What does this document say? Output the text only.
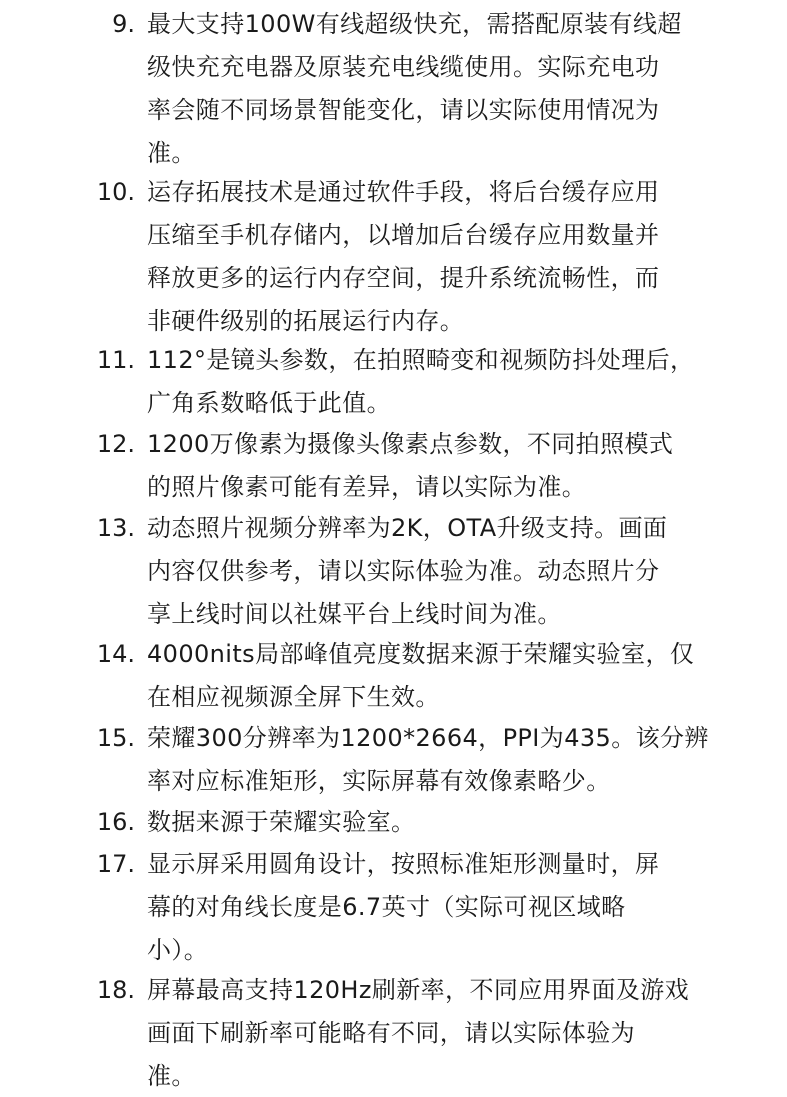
9. 最大支持100W有线超级快充，需搭配原装有线超
级快充充电器及原装充电线缆使用。实际充电功
率会随不同场景智能变化，请以实际使用情况为
准。
10. 运存拓展技术是通过软件手段，将后台缓存应用
压缩至手机存储内，以增加后台缓存应用数量并
释放更多的运行内存空间，提升系统流畅性，而
非硬件级别的拓展运行内存。
11. 112°是镜头参数，在拍照畸变和视频防抖处理后，
广角系数略低于此值。
12. 1200万像素为摄像头像素点参数，不同拍照模式
的照片像素可能有差异，请以实际为准。
13. 动态照片视频分辨率为2K，OTA升级支持。画面
内容仅供参考，请以实际体验为准。动态照片分
享上线时间以社媒平台上线时间为准。
14. 4000nits局部峰值亮度数据来源于荣耀实验室，仅
在相应视频源全屏下生效。
15. 荣耀300分辨率为1200*2664，PPI为435。该分辨
率对应标准矩形，实际屏幕有效像素略少。
16. 数据来源于荣耀实验室。
17. 显示屏采用圆角设计，按照标准矩形测量时，屏
幕的对角线长度是6.7英寸（实际可视区域略
小）。
18. 屏幕最高支持120Hz刷新率，不同应用界面及游戏
画面下刷新率可能略有不同，请以实际体验为
准。
